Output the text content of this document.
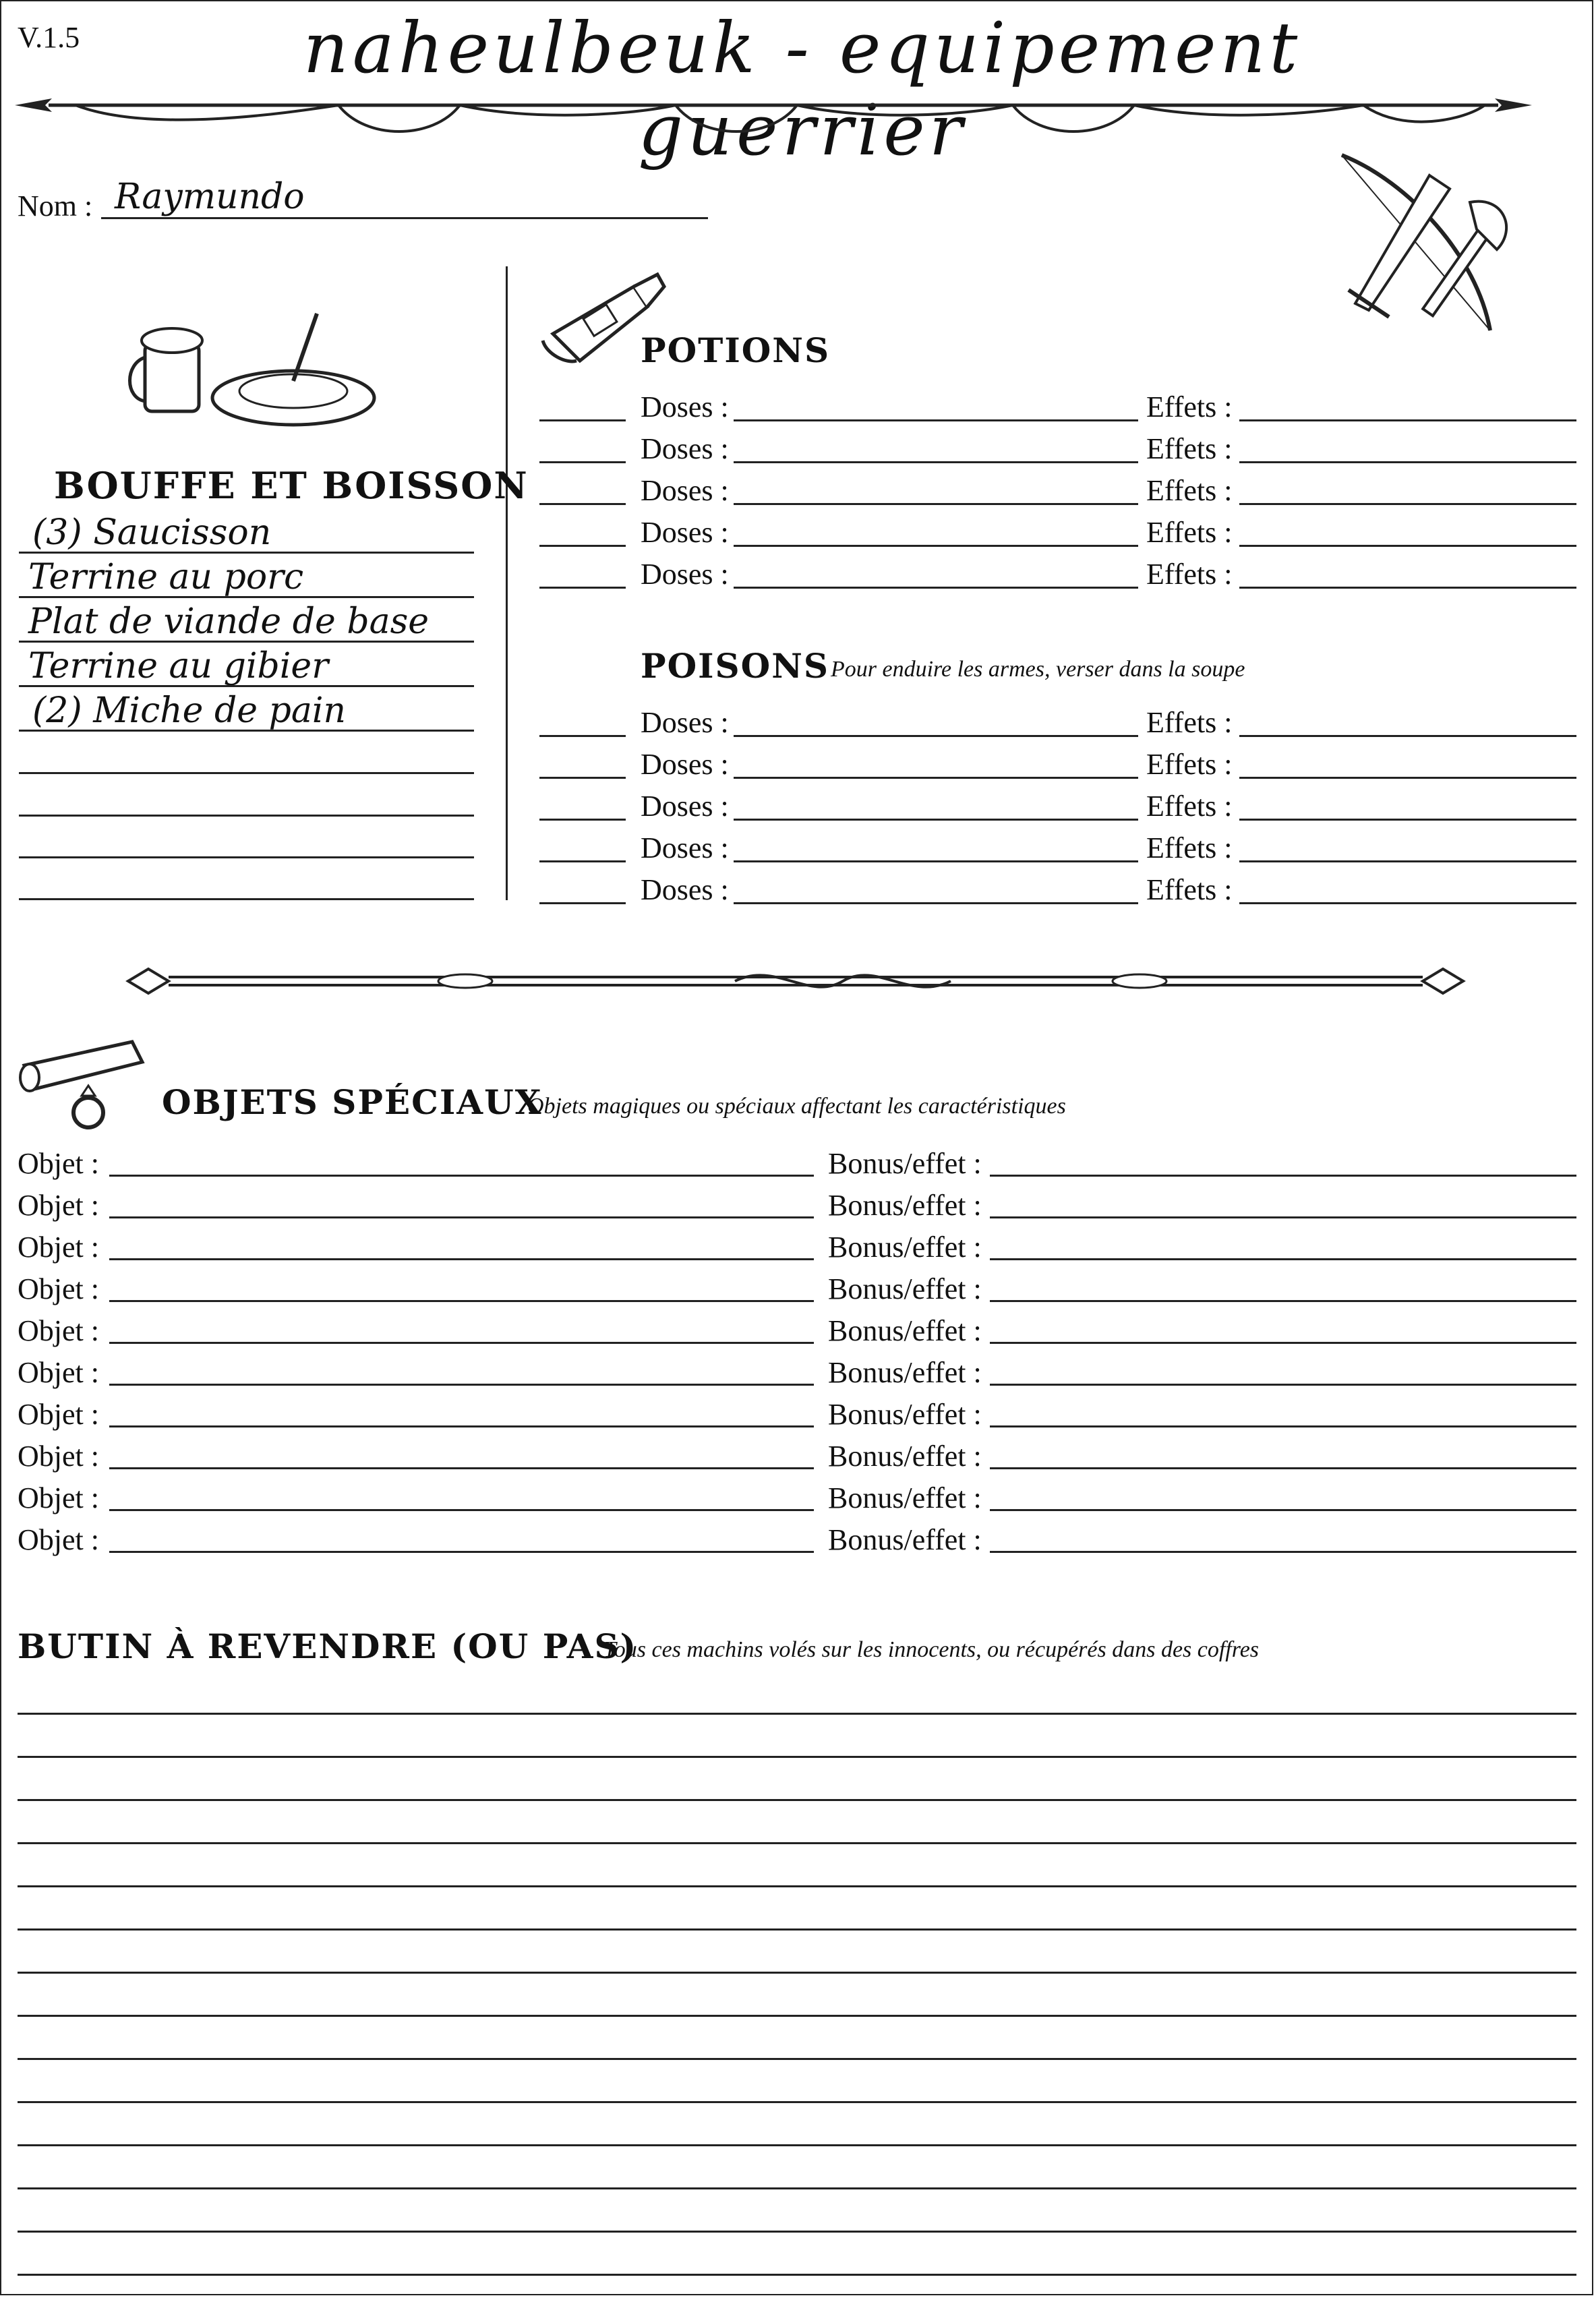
V.1.5	naheulbeuk - equipement guerrier
Nom : Raymundo
BOUFFE ET BOISSON
(3) Saucisson
Terrine au porc
Plat de viande de base
Terrine au gibier
(2) Miche de pain
POTIONS
Doses :	Effets :
Doses :	Effets :
Doses :	Effets :
Doses :	Effets :
Doses :	Effets :
POISONS Pour enduire les armes, verser dans la soupe
Doses :	Effets :
Doses :	Effets :
Doses :	Effets :
Doses :	Effets :
Doses :	Effets :
OBJETS SPÉCIAUX
Objets magiques ou spéciaux affectant les caractéristiques
Objet :	Bonus/effet :
Objet :	Bonus/effet :
Objet :	Bonus/effet :
Objet :	Bonus/effet :
Objet :	Bonus/effet :
Objet :	Bonus/effet :
Objet :	Bonus/effet :
Objet :	Bonus/effet :
Objet :	Bonus/effet :
Objet :	Bonus/effet :
BUTIN À REVENDRE (OU PAS)
Tous ces machins volés sur les innocents, ou récupérés dans des coffres
